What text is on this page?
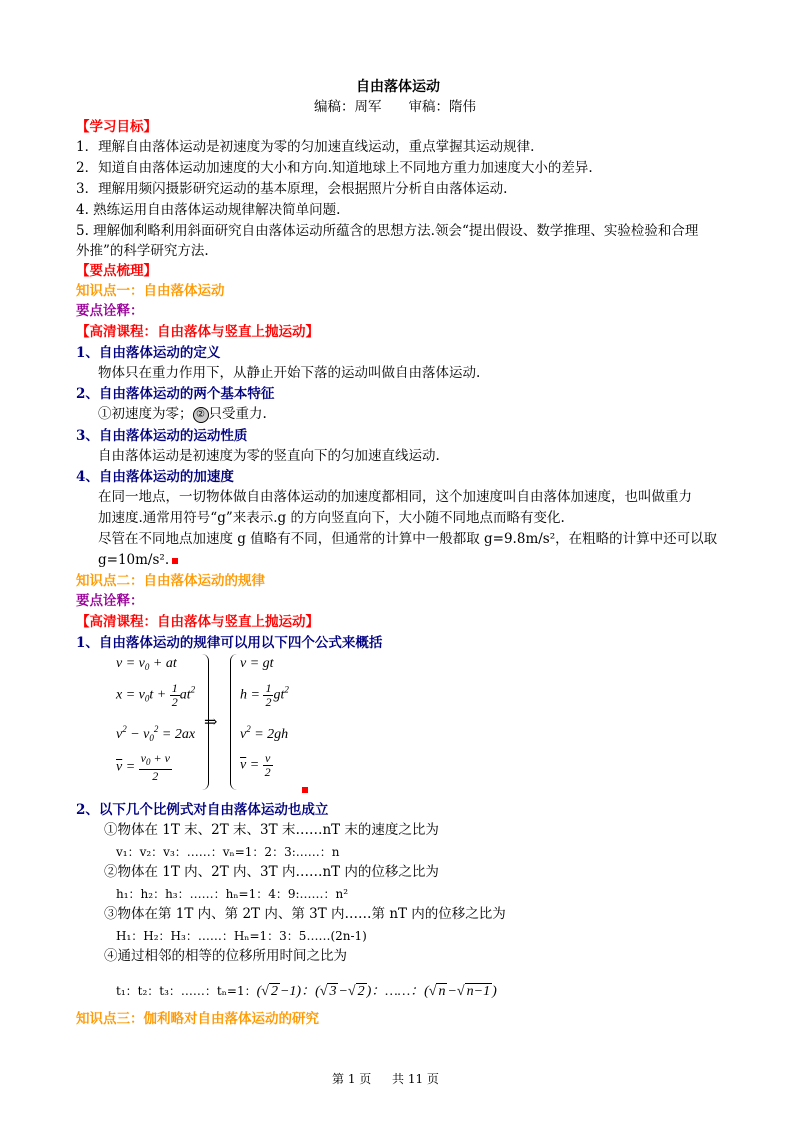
自由落体运动
编稿：周军　　审稿：隋伟
【学习目标】
1．理解自由落体运动是初速度为零的匀加速直线运动，重点掌握其运动规律.
2．知道自由落体运动加速度的大小和方向.知道地球上不同地方重力加速度大小的差异.
3．理解用频闪摄影研究运动的基本原理，会根据照片分析自由落体运动.
4. 熟练运用自由落体运动规律解决简单问题.
5. 理解伽利略利用斜面研究自由落体运动所蕴含的思想方法.领会“提出假设、数学推理、实验检验和合理
外推”的科学研究方法.
【要点梳理】
知识点一：自由落体运动
要点诠释：
【高清课程：自由落体与竖直上抛运动】
1、自由落体运动的定义
物体只在重力作用下，从静止开始下落的运动叫做自由落体运动.
2、自由落体运动的两个基本特征
①初速度为零； ② 只受重力.
3、自由落体运动的运动性质
自由落体运动是初速度为零的竖直向下的匀加速直线运动.
4、自由落体运动的加速度
在同一地点，一切物体做自由落体运动的加速度都相同，这个加速度叫自由落体加速度，也叫做重力
加速度.通常用符号“g”来表示.g 的方向竖直向下，大小随不同地点而略有变化.
尽管在不同地点加速度 g 值略有不同，但通常的计算中一般都取 g=9.8m/s²，在粗略的计算中还可以取
g=10m/s².
知识点二：自由落体运动的规律
要点诠释：
【高清课程：自由落体与竖直上抛运动】
1、自由落体运动的规律可以用以下四个公式来概括
$v = v_0$ + at
$x = v_0t + \frac{1}{2} at^2$
$v^2 - v_0^2 = 2ax$
$\overline{v} = \frac{v_0 + v}{2}$
⇒
v = gt
$h = \frac{1}{2} gt^2$
$v^2 = 2gh$
$\overline{v} = \frac{v}{2}$
2、以下几个比例式对自由落体运动也成立
①物体在 1T 末、2T 末、3T 末……nT 末的速度之比为
v₁：v₂：v₃：……：vₙ=1：2：3:……：n
②物体在 1T 内、2T 内、3T 内……nT 内的位移之比为
h₁：h₂：h₃：……：hₙ=1：4：9:……：n²
③物体在第 1T 内、第 2T 内、第 3T 内……第 nT 内的位移之比为
H₁：H₂：H₃：……：Hₙ=1：3：5……(2n-1)
④通过相邻的相等的位移所用时间之比为
t₁：t₂：t₃：……：tₙ=1：(√ 2 −1)：(√ 3 −√ 2 )：……：(√ n −√ n−1 )
知识点三：伽利略对自由落体运动的研究
第 1 页 共 11 页
